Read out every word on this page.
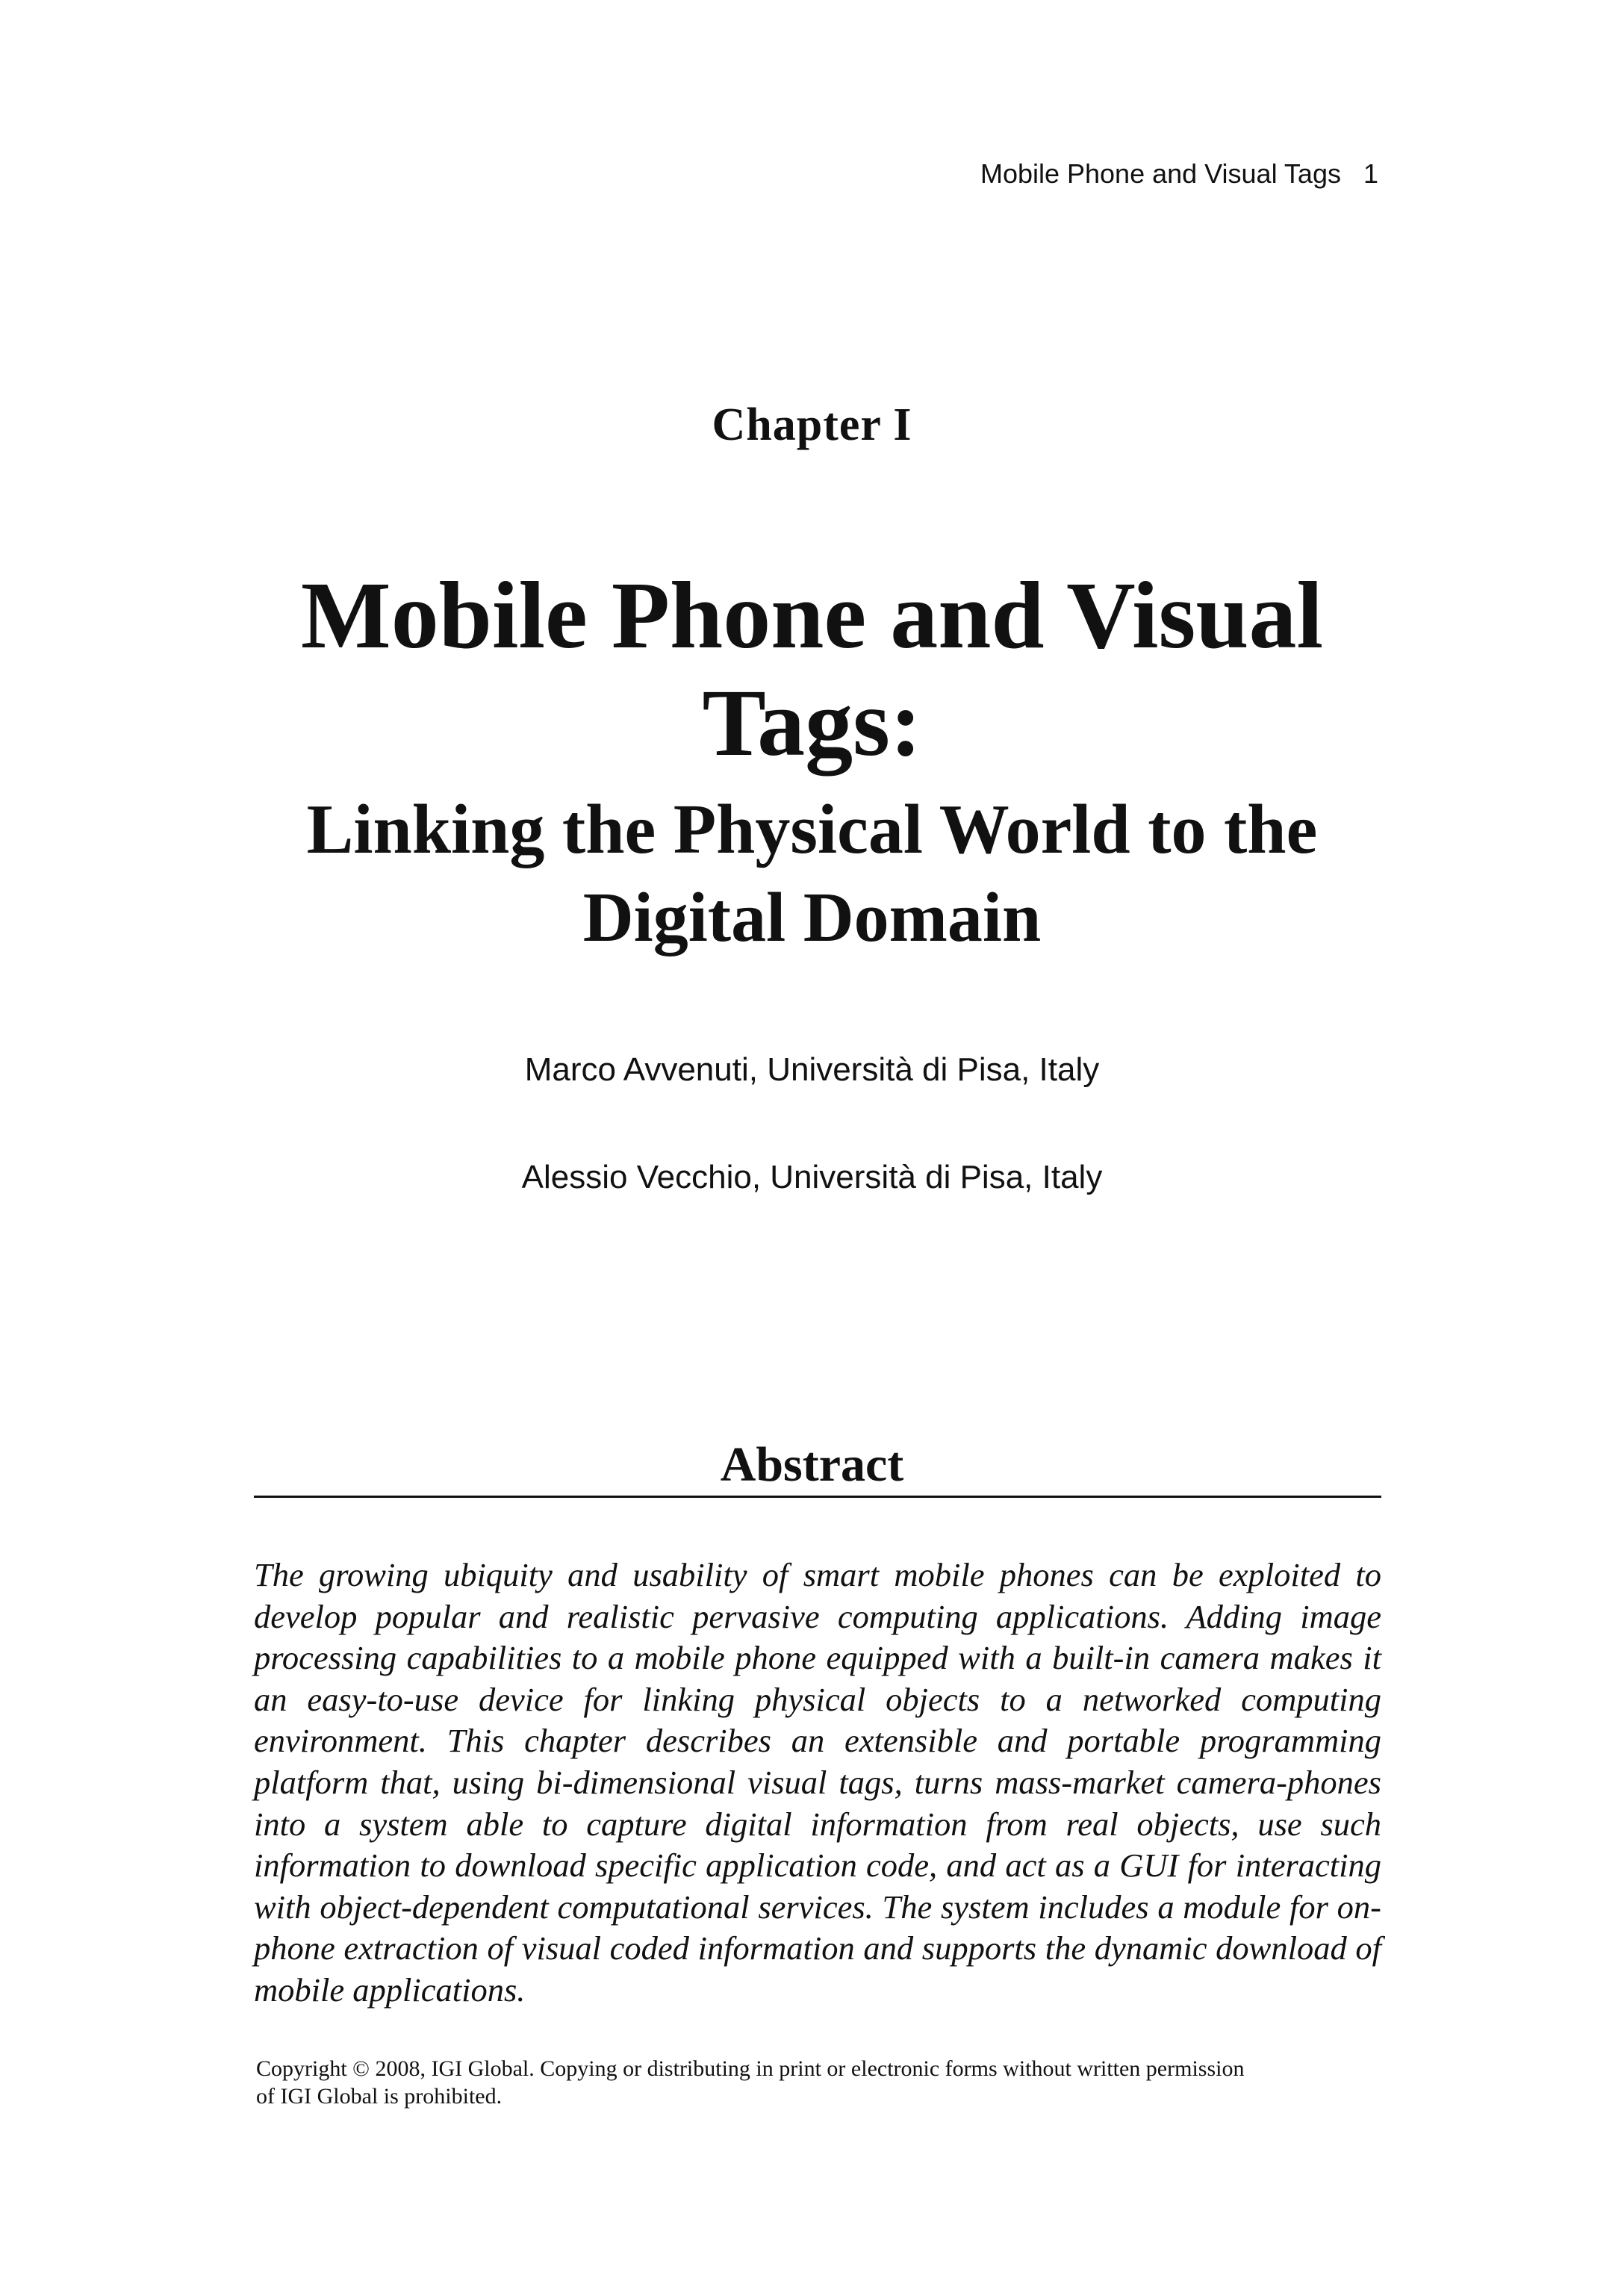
Mobile Phone and Visual Tags 1
Chapter I
Mobile Phone and Visual
Tags:
Linking the Physical World to the
Digital Domain
Marco Avvenuti, Università di Pisa, Italy
Alessio Vecchio, Università di Pisa, Italy
Abstract

The growing ubiquity and usability of smart mobile phones can be exploited to develop popular and realistic pervasive computing applications. Adding image processing capabilities to a mobile phone equipped with a built-in camera makes it an easy-to-use device for linking physical objects to a networked computing environment. This chapter describes an extensible and portable programming platform that, using bi-dimensional visual tags, turns mass-market camera-phones into a system able to capture digital information from real objects, use such information to download specific application code, and act as a GUI for interacting with object-dependent computational services. The system includes a module for on-phone extraction of visual coded information and supports the dynamic download of mobile applications.

Copyright © 2008, IGI Global. Copying or distributing in print or electronic forms without written permission
of IGI Global is prohibited.
